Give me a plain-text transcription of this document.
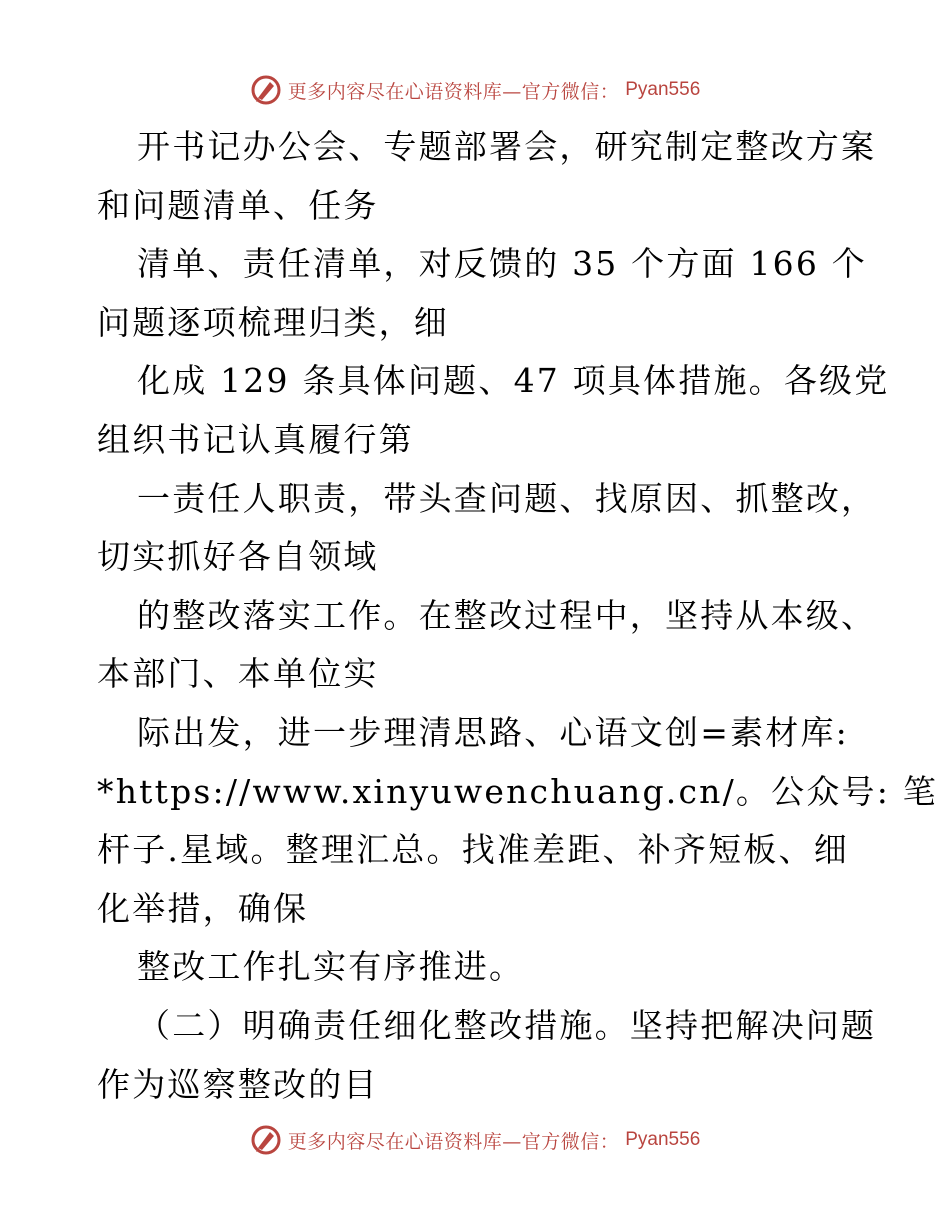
更多内容尽在心语资料库—官方微信： Pyan556
开书记办公会、专题部署会，研究制定整改方案
和问题清单、任务
清单、责任清单，对反馈的 35 个方面 166 个
问题逐项梳理归类，细
化成 129 条具体问题、47 项具体措施。各级党
组织书记认真履行第
一责任人职责，带头查问题、找原因、抓整改，
切实抓好各自领域
的整改落实工作。在整改过程中，坚持从本级、
本部门、本单位实
际出发，进一步理清思路、心语文创=素材库:
*https://www.xinyuwenchuang.cn/。公众号: 笔
杆子.星域。整理汇总。找准差距、补齐短板、细
化举措，确保
整改工作扎实有序推进。
（二）明确责任细化整改措施。坚持把解决问题
作为巡察整改的目
更多内容尽在心语资料库—官方微信： Pyan556
